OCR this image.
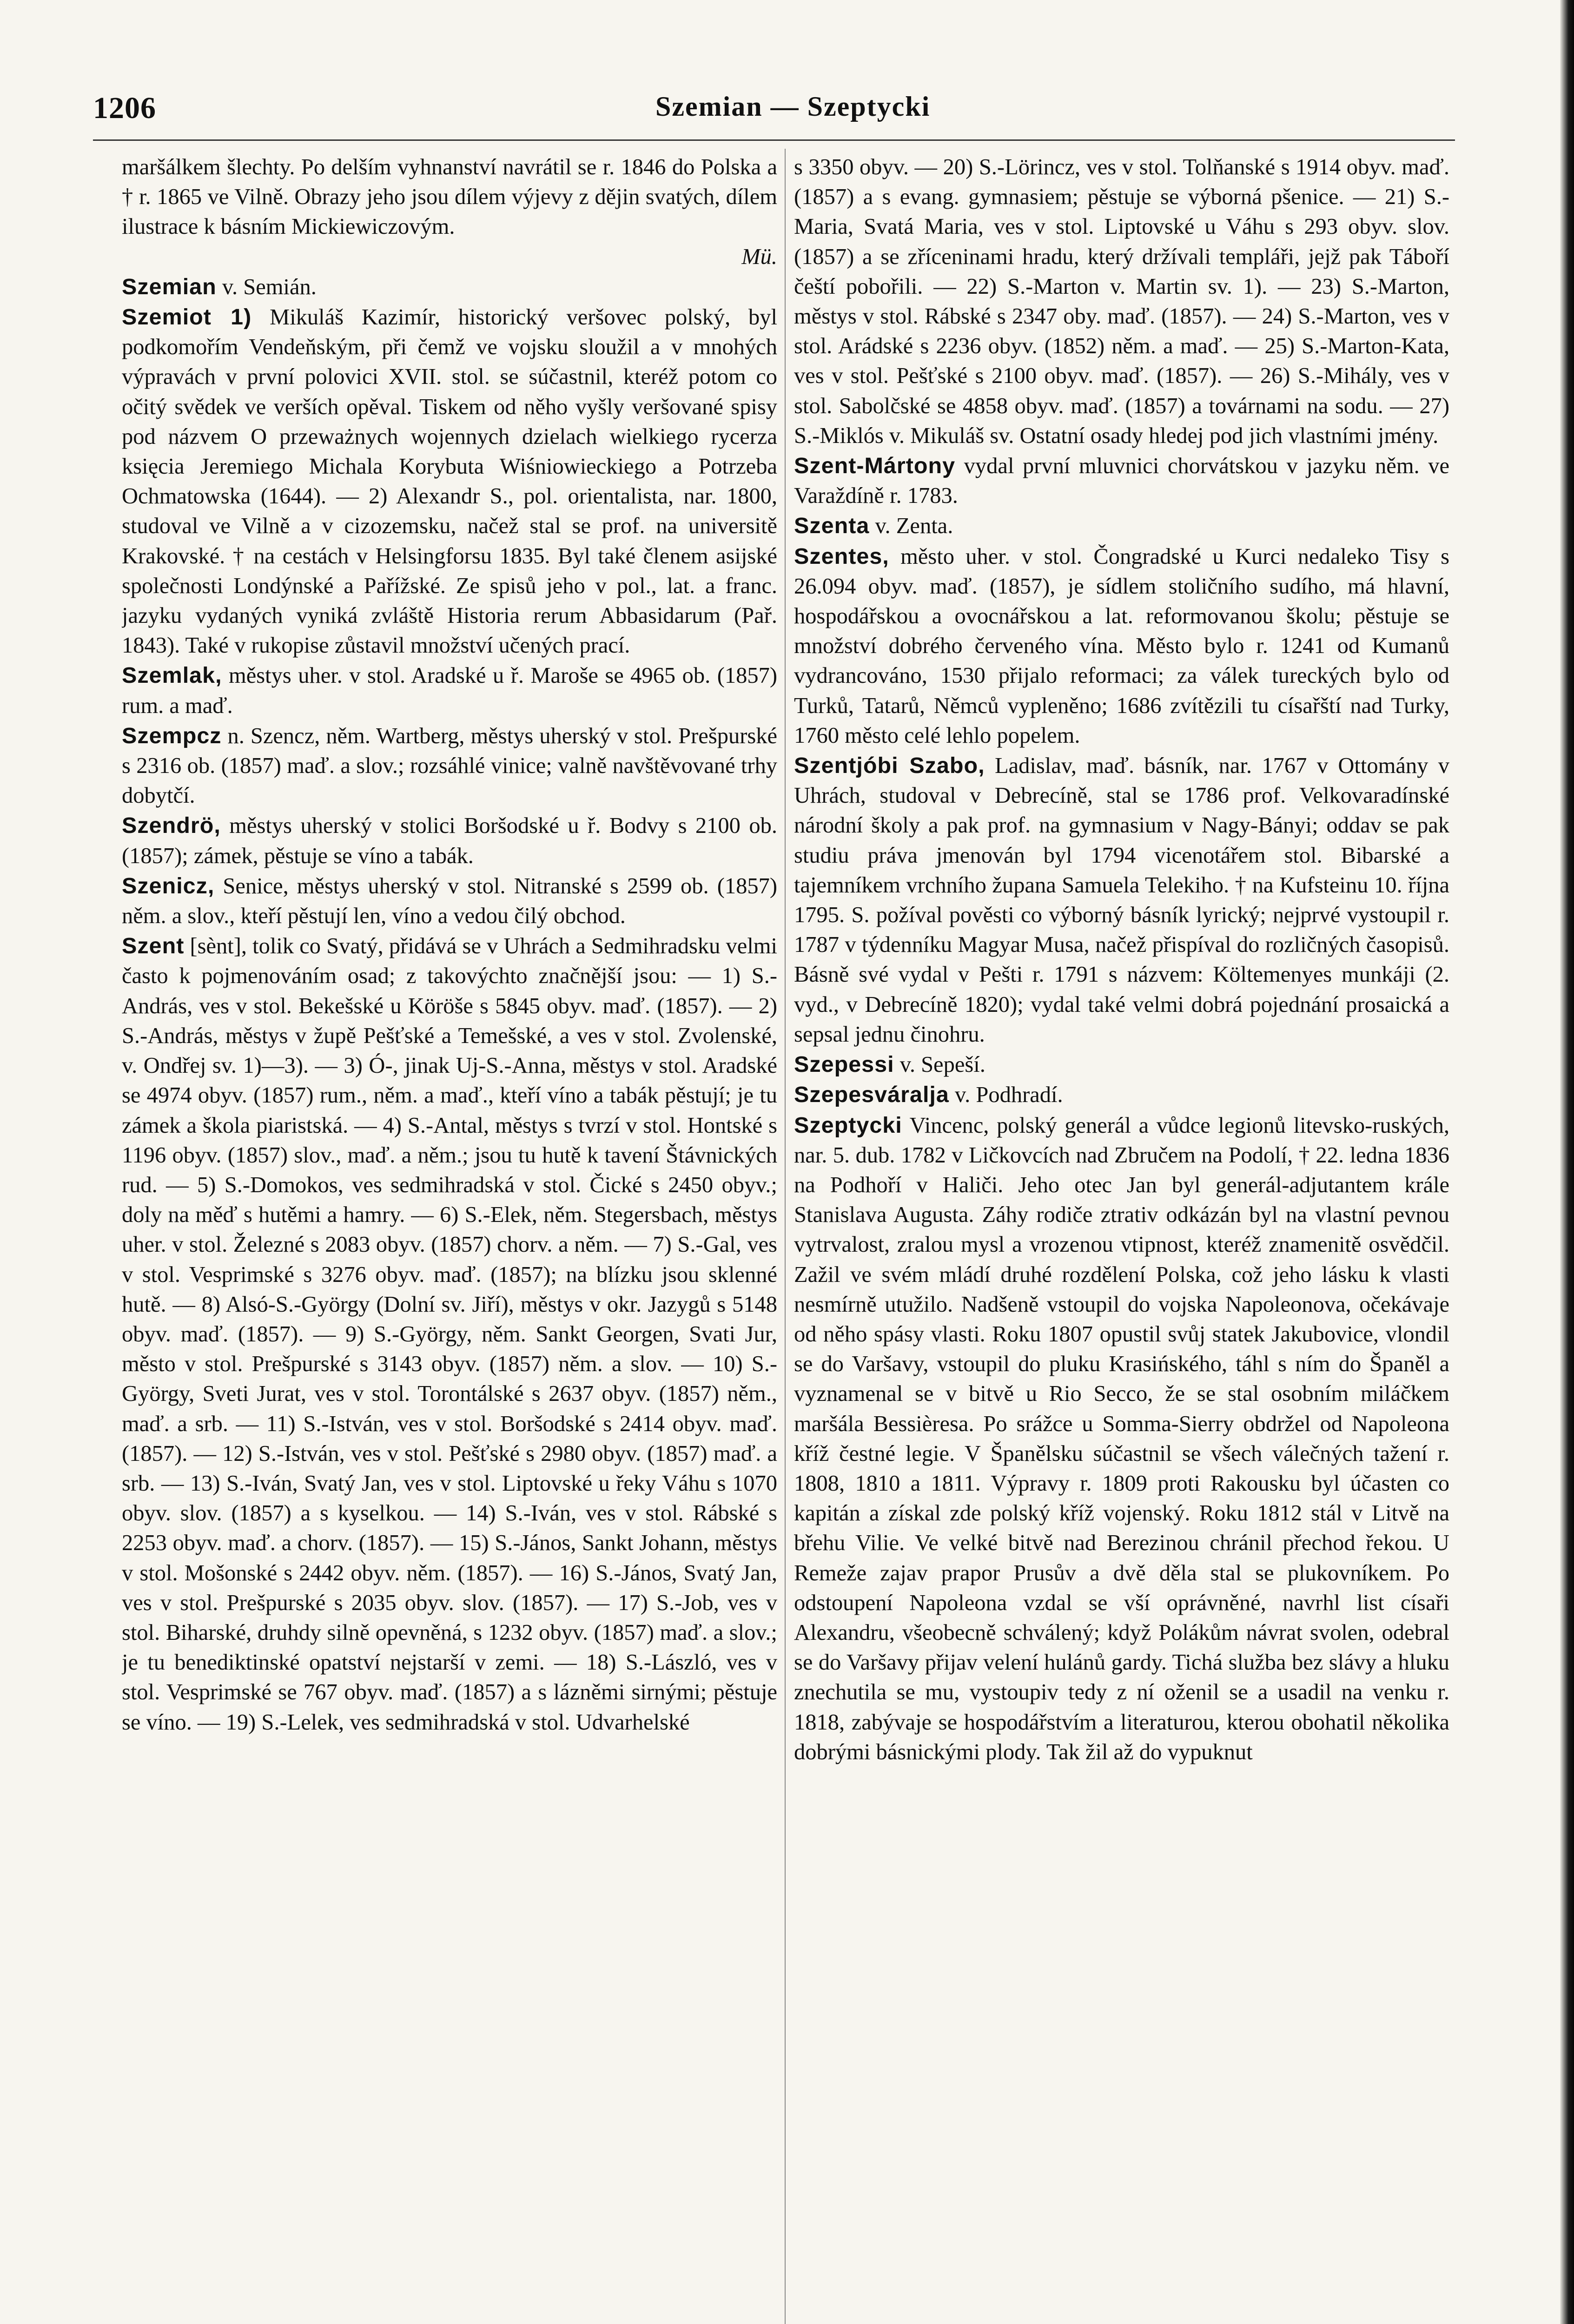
1206	Szemian — Szeptycki

maršálkem šlechty. Po delším vyhnanství navrátil se r. 1846 do Polska a † r. 1865 ve Vilně. Obrazy jeho jsou dílem výjevy z dějin svatých, dílem ilustrace k básním Mickiewiczovým.
Mü.

Szemian v. Semián.

Szemiot 1) Mikuláš Kazimír, historický veršovec polský, byl podkomořím Vendeňským, při čemž ve vojsku sloužil a v mnohých výpravách v první polovici XVII. stol. se súčastnil, kteréž potom co očitý svědek ve verších opěval. Tiskem od něho vyšly veršované spisy pod názvem O przeważnych wojennych dzielach wielkiego rycerza księcia Jeremiego Michala Korybuta Wiśniowieckiego a Potrzeba Ochmatowska (1644). — 2) Alexandr S., pol. orientalista, nar. 1800, studoval ve Vilně a v cizozemsku, načež stal se prof. na universitě Krakovské. † na cestách v Helsingforsu 1835. Byl také členem asijské společnosti Londýnské a Pařížské. Ze spisů jeho v pol., lat. a franc. jazyku vydaných vyniká zvláště Historia rerum Abbasidarum (Pař. 1843). Také v rukopise zůstavil množství učených prací.

Szemlak, městys uher. v stol. Aradské u ř. Maroše se 4965 ob. (1857) rum. a maď.

Szempcz n. Szencz, něm. Wartberg, městys uherský v stol. Prešpurské s 2316 ob. (1857) maď. a slov.; rozsáhlé vinice; valně navštěvované trhy dobytčí.

Szendrö, městys uherský v stolici Boršodské u ř. Bodvy s 2100 ob. (1857); zámek, pěstuje se víno a tabák.

Szenicz, Senice, městys uherský v stol. Nitranské s 2599 ob. (1857) něm. a slov., kteří pěstují len, víno a vedou čilý obchod.

Szent [sènt], tolik co Svatý, přidává se v Uhrách a Sedmihradsku velmi často k pojmenováním osad; z takovýchto značnější jsou: — 1) S.-András, ves v stol. Bekešské u Köröše s 5845 obyv. maď. (1857). — 2) S.-András, městys v župě Pešťské a Temešské, a ves v stol. Zvolenské, v. Ondřej sv. 1)—3). — 3) Ó-, jinak Uj-S.-Anna, městys v stol. Aradské se 4974 obyv. (1857) rum., něm. a maď., kteří víno a tabák pěstují; je tu zámek a škola piaristská. — 4) S.-Antal, městys s tvrzí v stol. Hontské s 1196 obyv. (1857) slov., maď. a něm.; jsou tu hutě k tavení Štávnických rud. — 5) S.-Domokos, ves sedmihradská v stol. Čické s 2450 obyv.; doly na měď s hutěmi a hamry. — 6) S.-Elek, něm. Stegersbach, městys uher. v stol. Železné s 2083 obyv. (1857) chorv. a něm. — 7) S.-Gal, ves v stol. Vesprimské s 3276 obyv. maď. (1857); na blízku jsou sklenné hutě. — 8) Alsó-S.-György (Dolní sv. Jiří), městys v okr. Jazygů s 5148 obyv. maď. (1857). — 9) S.-György, něm. Sankt Georgen, Svati Jur, město v stol. Prešpurské s 3143 obyv. (1857) něm. a slov. — 10) S.-György, Sveti Jurat, ves v stol. Torontálské s 2637 obyv. (1857) něm., maď. a srb. — 11) S.-István, ves v stol. Boršodské s 2414 obyv. maď. (1857). — 12) S.-István, ves v stol. Pešťské s 2980 obyv. (1857) maď. a srb. — 13) S.-Iván, Svatý Jan, ves v stol. Liptovské u řeky Váhu s 1070 obyv. slov. (1857) a s kyselkou. — 14) S.-Iván, ves v stol. Rábské s 2253 obyv. maď. a chorv. (1857). — 15) S.-János, Sankt Johann, městys v stol. Mošonské s 2442 obyv. něm. (1857). — 16) S.-János, Svatý Jan, ves v stol. Prešpurské s 2035 obyv. slov. (1857). — 17) S.-Job, ves v stol. Biharské, druhdy silně opevněná, s 1232 obyv. (1857) maď. a slov.; je tu benediktinské opatství nejstarší v zemi. — 18) S.-László, ves v stol. Vesprimské se 767 obyv. maď. (1857) a s lázněmi sirnými; pěstuje se víno. — 19) S.-Lelek, ves sedmihradská v stol. Udvarhelské

s 3350 obyv. — 20) S.-Lörincz, ves v stol. Tolňanské s 1914 obyv. maď. (1857) a s evang. gymnasiem; pěstuje se výborná pšenice. — 21) S.-Maria, Svatá Maria, ves v stol. Liptovské u Váhu s 293 obyv. slov. (1857) a se zříceninami hradu, který držívali templáři, jejž pak Táboří čeští pobořili. — 22) S.-Marton v. Martin sv. 1). — 23) S.-Marton, městys v stol. Rábské s 2347 oby. maď. (1857). — 24) S.-Marton, ves v stol. Arádské s 2236 obyv. (1852) něm. a maď. — 25) S.-Marton-Kata, ves v stol. Pešťské s 2100 obyv. maď. (1857). — 26) S.-Mihály, ves v stol. Sabolčské se 4858 obyv. maď. (1857) a továrnami na sodu. — 27) S.-Miklós v. Mikuláš sv. Ostatní osady hledej pod jich vlastními jmény.

Szent-Mártony vydal první mluvnici chorvátskou v jazyku něm. ve Varaždíně r. 1783.

Szenta v. Zenta.

Szentes, město uher. v stol. Čongradské u Kurci nedaleko Tisy s 26.094 obyv. maď. (1857), je sídlem stoličního sudího, má hlavní, hospodářskou a ovocnářskou a lat. reformovanou školu; pěstuje se množství dobrého červeného vína. Město bylo r. 1241 od Kumanů vydrancováno, 1530 přijalo reformaci; za válek tureckých bylo od Turků, Tatarů, Němců vypleněno; 1686 zvítězili tu císařští nad Turky, 1760 město celé lehlo popelem.

Szentjóbi Szabo, Ladislav, maď. básník, nar. 1767 v Ottomány v Uhrách, studoval v Debrecíně, stal se 1786 prof. Velkovaradínské národní školy a pak prof. na gymnasium v Nagy-Bányi; oddav se pak studiu práva jmenován byl 1794 vicenotářem stol. Bibarské a tajemníkem vrchního župana Samuela Telekiho. † na Kufsteinu 10. října 1795. S. požíval pověsti co výborný básník lyrický; nejprvé vystoupil r. 1787 v týdenníku Magyar Musa, načež přispíval do rozličných časopisů. Básně své vydal v Pešti r. 1791 s názvem: Költemenyes munkáji (2. vyd., v Debrecíně 1820); vydal také velmi dobrá pojednání prosaická a sepsal jednu činohru.

Szepessi v. Sepeší.

Szepesváralja v. Podhradí.

Szeptycki Vincenc, polský generál a vůdce legionů litevsko-ruských, nar. 5. dub. 1782 v Ličkovcích nad Zbručem na Podolí, † 22. ledna 1836 na Podhoří v Haliči. Jeho otec Jan byl generál-adjutantem krále Stanislava Augusta. Záhy rodiče ztrativ odkázán byl na vlastní pevnou vytrvalost, zralou mysl a vrozenou vtipnost, kteréž znamenitě osvědčil. Zažil ve svém mládí druhé rozdělení Polska, což jeho lásku k vlasti nesmírně utužilo. Nadšeně vstoupil do vojska Napoleonova, očekávaje od něho spásy vlasti. Roku 1807 opustil svůj statek Jakubovice, vlondil se do Varšavy, vstoupil do pluku Krasińského, táhl s ním do Španěl a vyznamenal se v bitvě u Rio Secco, že se stal osobním miláčkem maršála Bessièresa. Po srážce u Somma-Sierry obdržel od Napoleona kříž čestné legie. V Španělsku súčastnil se všech válečných tažení r. 1808, 1810 a 1811. Výpravy r. 1809 proti Rakousku byl účasten co kapitán a získal zde polský kříž vojenský. Roku 1812 stál v Litvě na břehu Vilie. Ve velké bitvě nad Berezinou chránil přechod řekou. U Remeže zajav prapor Prusův a dvě děla stal se plukovníkem. Po odstoupení Napoleona vzdal se vší oprávněné, navrhl list císaři Alexandru, všeobecně schválený; když Polákům návrat svolen, odebral se do Varšavy přijav velení hulánů gardy. Tichá služba bez slávy a hluku znechutila se mu, vystoupiv tedy z ní oženil se a usadil na venku r. 1818, zabývaje se hospodářstvím a literaturou, kterou obohatil několika dobrými básnickými plody. Tak žil až do vypuknut
